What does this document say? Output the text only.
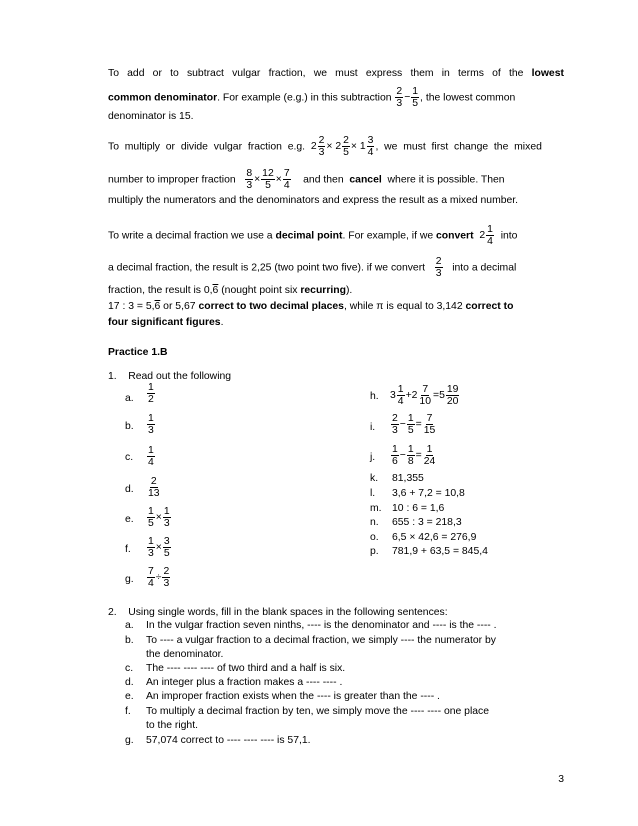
To add or to subtract vulgar fraction, we must express them in terms of the lowest
common denominator. For example (e.g.) in this subtraction $\frac{2}{3} - \frac{1}{5}$ , the lowest common
denominator is 15.
To multiply or divide vulgar fraction e.g. $2 \frac{2}{3} \times 2 \frac{2}{5} \times 1 \frac{3}{4}$ , we must first change the mixed
number to improper fraction $\frac{8}{3} \times \frac{12}{5} \times \frac{7}{4}$ and then cancel where it is possible. Then
multiply the numerators and the denominators and express the result as a mixed number.
To write a decimal fraction we use a decimal point. For example, if we convert $2 \frac{1}{4}$ into
a decimal fraction, the result is 2,25 (two point two five). if we convert $\frac{2}{3}$ into a decimal
fraction, the result is 0,6 (nought point six recurring).
17 : 3 = 5,6 or 5,67 correct to two decimal places, while π is equal to 3,142 correct to
four significant figures.
Practice 1.B
1. Read out the following
a. $\frac{1}{2}$
b. $\frac{1}{3}$
c. $\frac{1}{4}$
d. $\frac{2}{13}$
e. $\frac{1}{5} \times \frac{1}{3}$
f. $\frac{1}{3} \times \frac{3}{5}$
g. $\frac{7}{4} \div \frac{2}{3}$
h. $3 \frac{1}{4} +2 \frac{7}{10} =5 \frac{19}{20}$
i. $\frac{2}{3} - \frac{1}{5} = \frac{7}{15}$
j. $\frac{1}{6} - \frac{1}{8} = \frac{1}{24}$
k. 81,355
l. 3,6 + 7,2 = 10,8
m. 10 : 6 = 1,6
n. 655 : 3 = 218,3
o. 6,5 × 42,6 = 276,9
p. 781,9 + 63,5 = 845,4
2. Using single words, fill in the blank spaces in the following sentences:
a. In the vulgar fraction seven ninths, ---- is the denominator and ---- is the ---- .
b. To ---- a vulgar fraction to a decimal fraction, we simply ---- the numerator by
the denominator.
c. The ---- ---- ---- of two third and a half is six.
d. An integer plus a fraction makes a ---- ---- .
e. An improper fraction exists when the ---- is greater than the ---- .
f. To multiply a decimal fraction by ten, we simply move the ---- ---- one place
to the right.
g. 57,074 correct to ---- ---- ---- is 57,1.
3
